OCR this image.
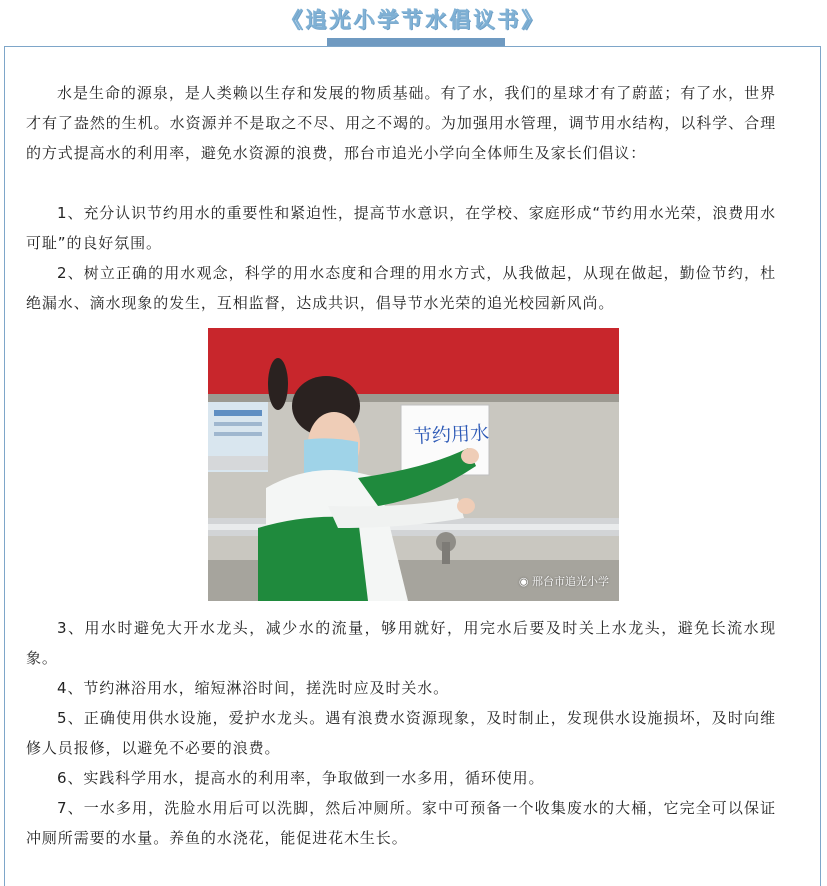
《追光小学节水倡议书》

水是生命的源泉，是人类赖以生存和发展的物质基础。有了水，我们的星球才有了蔚蓝；有了水，世界才有了盎然的生机。水资源并不是取之不尽、用之不竭的。为加强用水管理，调节用水结构，以科学、合理的方式提高水的利用率，避免水资源的浪费，邢台市追光小学向全体师生及家长们倡议：

1、充分认识节约用水的重要性和紧迫性，提高节水意识，在学校、家庭形成“节约用水光荣，浪费用水可耻”的良好氛围。

2、树立正确的用水观念，科学的用水态度和合理的用水方式，从我做起，从现在做起，勤俭节约，杜绝漏水、滴水现象的发生，互相监督，达成共识，倡导节水光荣的追光校园新风尚。

节约用水
◉ 邢台市追光小学

3、用水时避免大开水龙头，减少水的流量，够用就好，用完水后要及时关上水龙头，避免长流水现象。

4、节约淋浴用水，缩短淋浴时间，搓洗时应及时关水。

5、正确使用供水设施，爱护水龙头。遇有浪费水资源现象，及时制止，发现供水设施损坏，及时向维修人员报修，以避免不必要的浪费。

6、实践科学用水，提高水的利用率，争取做到一水多用，循环使用。

7、一水多用，洗脸水用后可以洗脚，然后冲厕所。家中可预备一个收集废水的大桶，它完全可以保证冲厕所需要的水量。养鱼的水浇花，能促进花木生长。
